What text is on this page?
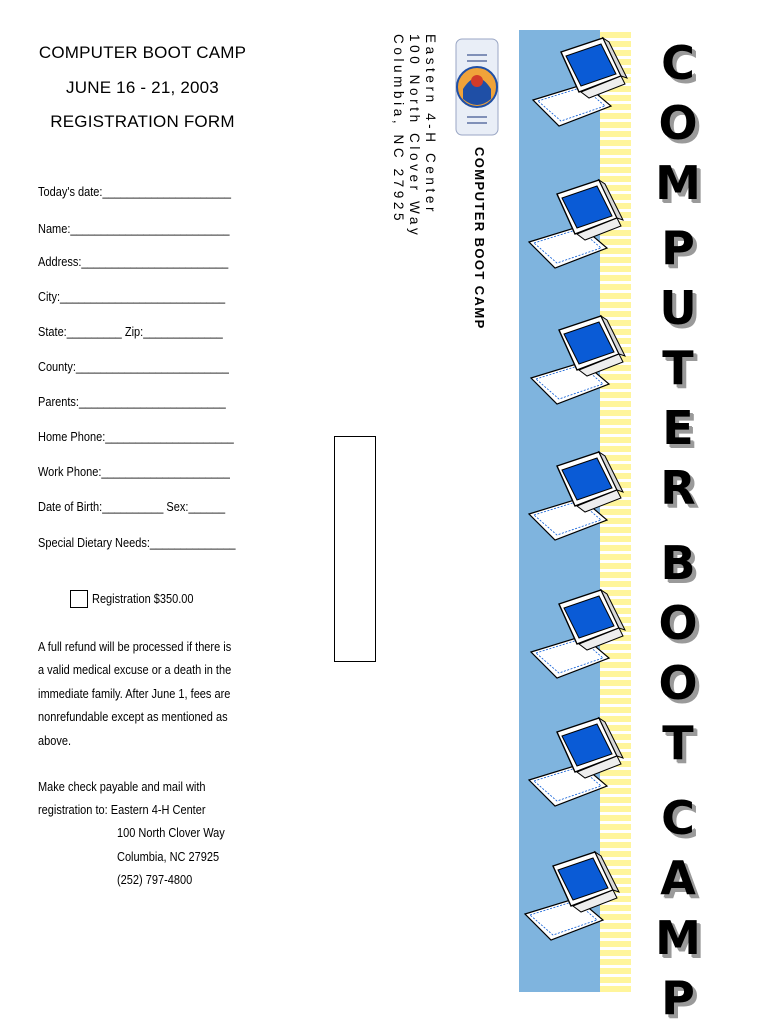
COMPUTER BOOT CAMP
JUNE 16 - 21, 2003
REGISTRATION FORM
Today's date:_____________________
Name:__________________________
Address:________________________
City:___________________________
State:_________ Zip:_____________
County:_________________________
Parents:________________________
Home Phone:_____________________
Work Phone:_____________________
Date of Birth:__________ Sex:______
Special Dietary Needs:______________
Registration $350.00
A full refund will be processed if there is
a valid medical excuse or a death in the
immediate family. After June 1, fees are
nonrefundable except as mentioned as
above.
Make check payable and mail with
registration to: Eastern 4-H Center
100 North Clover Way
Columbia, NC 27925
(252) 797-4800
Eastern 4-H Center
100 North Clover Way
Columbia, NC 27925
COMPUTER BOOT CAMP
C
O
M
P
U
T
E
R
B
O
O
T
C
A
M
P
